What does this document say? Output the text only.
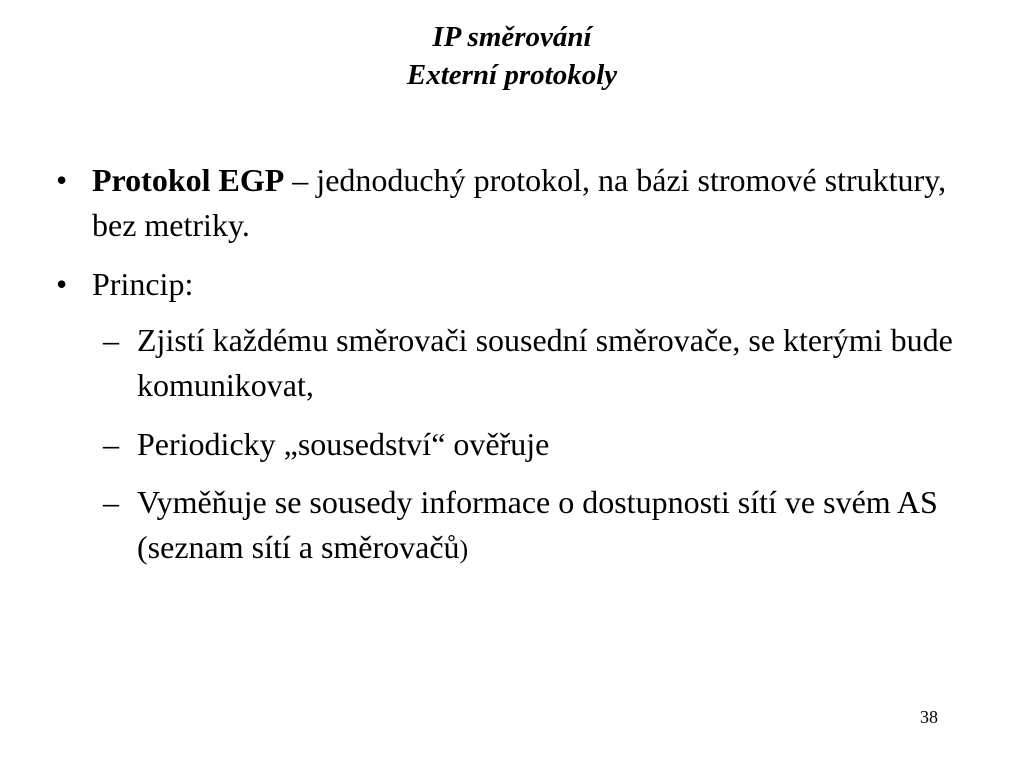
IP směrování
Externí protokoly
• Protokol EGP – jednoduchý protokol, na bázi stromové struktury, bez metriky.
• Princip:
– Zjistí každému směrovači sousední směrovače, se kterými bude komunikovat,
– Periodicky „sousedství“ ověřuje
– Vyměňuje se sousedy informace o dostupnosti sítí ve svém AS (seznam sítí a směrovačů)
38
